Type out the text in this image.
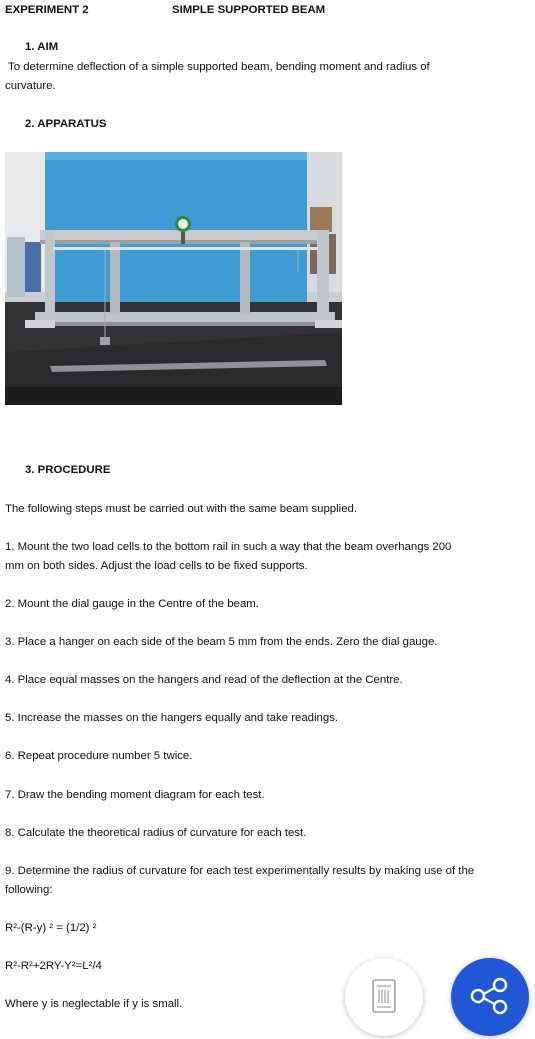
EXPERIMENT 2	SIMPLE SUPPORTED BEAM
1. AIM
To determine deflection of a simple supported beam, bending moment and radius of
curvature.
2. APPARATUS
3. PROCEDURE
The following steps must be carried out with the same beam supplied.
1. Mount the two load cells to the bottom rail in such a way that the beam overhangs 200
mm on both sides. Adjust the load cells to be fixed supports.
2. Mount the dial gauge in the Centre of the beam.
3. Place a hanger on each side of the beam 5 mm from the ends. Zero the dial gauge.
4. Place equal masses on the hangers and read of the deflection at the Centre.
5. Increase the masses on the hangers equally and take readings.
6. Repeat procedure number 5 twice.
7. Draw the bending moment diagram for each test.
8. Calculate the theoretical radius of curvature for each test.
9. Determine the radius of curvature for each test experimentally results by making use of the
following:
R²-(R-y) ² = (1/2) ²
R²-R²+2RY-Y²=L²/4
Where y is neglectable if y is small.
